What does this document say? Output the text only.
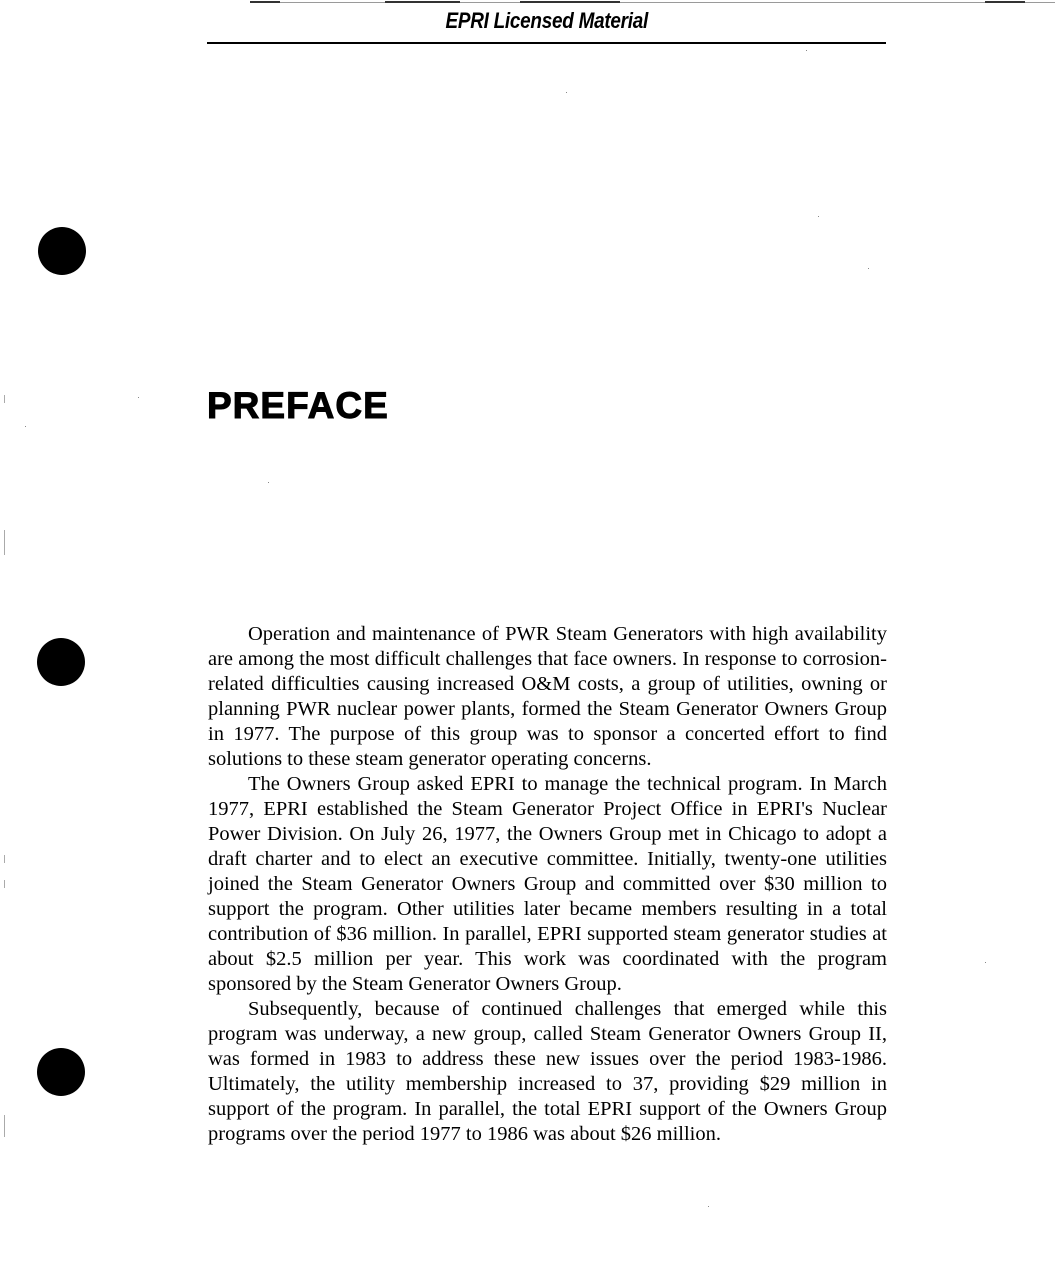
EPRI Licensed Material
PREFACE

Operation and maintenance of PWR Steam Generators with high availability are among the most difficult challenges that face owners. In response to corrosion-related difficulties causing increased O&M costs, a group of utilities, owning or planning PWR nuclear power plants, formed the Steam Generator Owners Group in 1977. The purpose of this group was to sponsor a concerted effort to find solutions to these steam generator operating concerns.

The Owners Group asked EPRI to manage the technical program. In March 1977, EPRI established the Steam Generator Project Office in EPRI's Nuclear Power Division. On July 26, 1977, the Owners Group met in Chicago to adopt a draft charter and to elect an executive committee. Initially, twenty-one utilities joined the Steam Generator Owners Group and committed over $30 million to support the program. Other utilities later became members resulting in a total contribution of $36 million. In parallel, EPRI supported steam generator studies at about $2.5 million per year. This work was coordinated with the program sponsored by the Steam Generator Owners Group.

Subsequently, because of continued challenges that emerged while this program was underway, a new group, called Steam Generator Owners Group II, was formed in 1983 to address these new issues over the period 1983-1986. Ultimately, the utility membership increased to 37, providing $29 million in support of the program. In parallel, the total EPRI support of the Owners Group programs over the period 1977 to 1986 was about $26 million.
